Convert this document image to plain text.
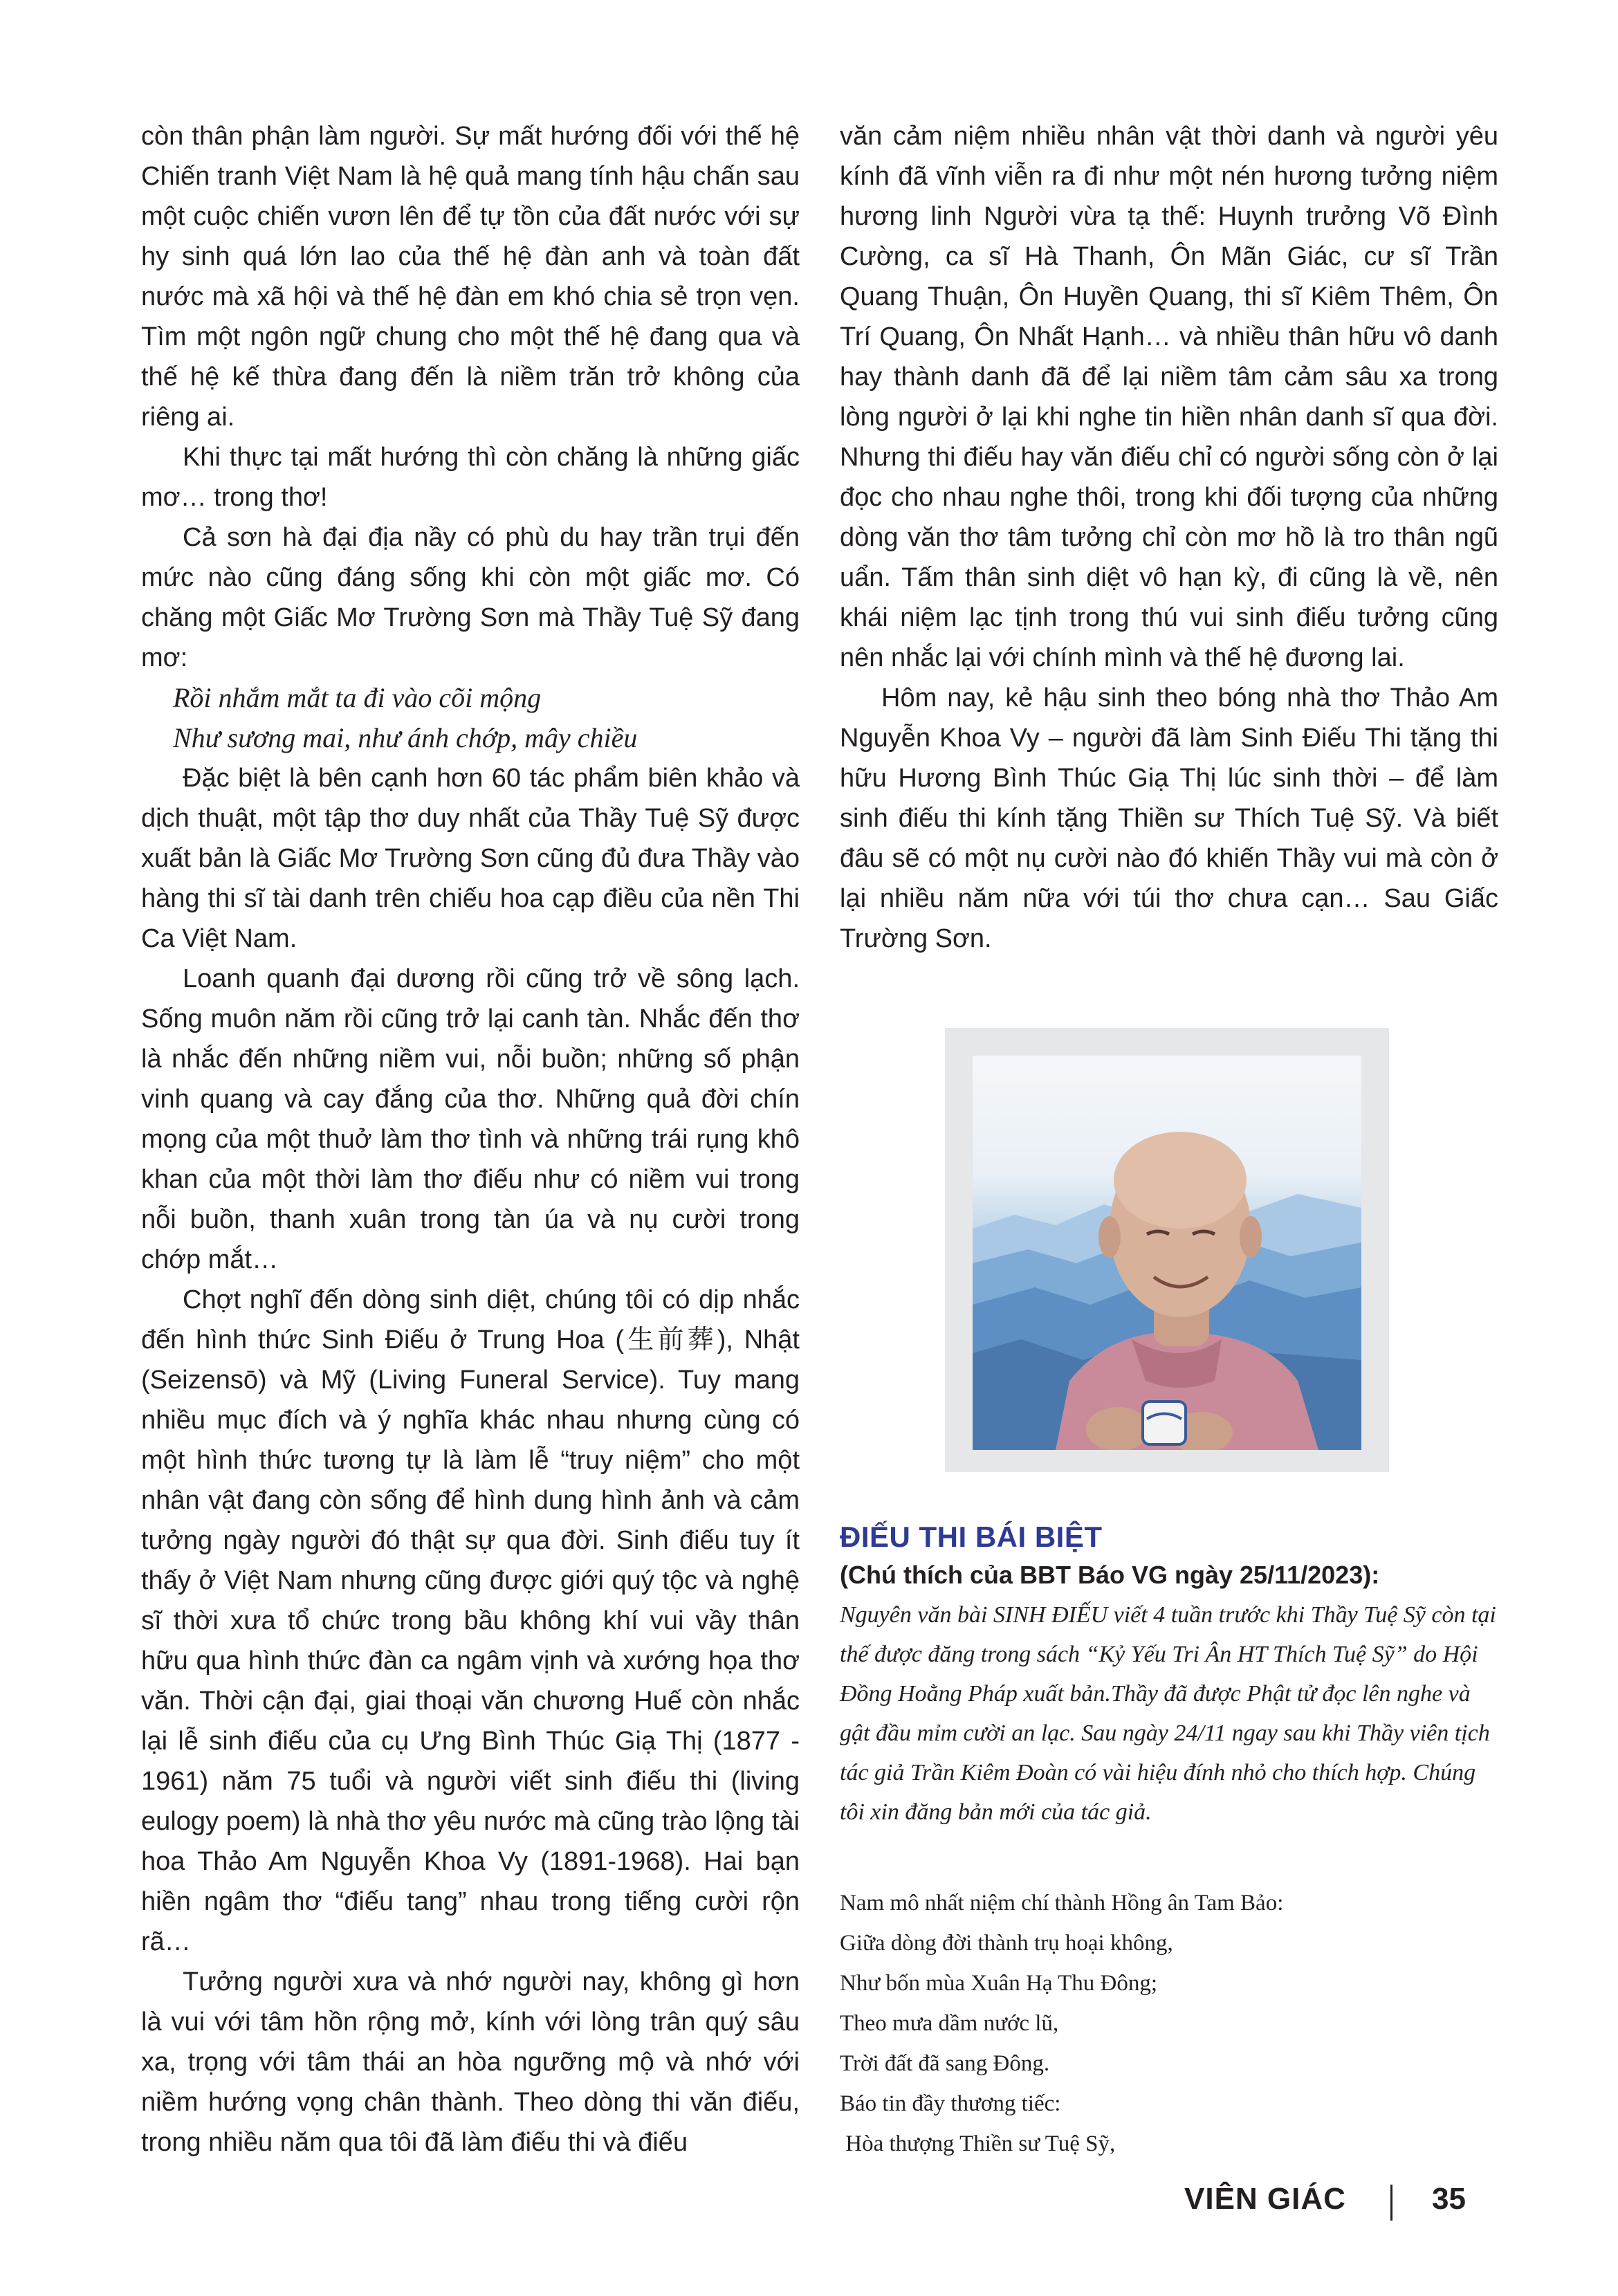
còn thân phận làm người. Sự mất hướng đối với thế hệ Chiến tranh Việt Nam là hệ quả mang tính hậu chấn sau một cuộc chiến vươn lên để tự tồn của đất nước với sự hy sinh quá lớn lao của thế hệ đàn anh và toàn đất nước mà xã hội và thế hệ đàn em khó chia sẻ trọn vẹn. Tìm một ngôn ngữ chung cho một thế hệ đang qua và thế hệ kế thừa đang đến là niềm trăn trở không của riêng ai.

Khi thực tại mất hướng thì còn chăng là những giấc mơ… trong thơ!

Cả sơn hà đại địa nầy có phù du hay trần trụi đến mức nào cũng đáng sống khi còn một giấc mơ. Có chăng một Giấc Mơ Trường Sơn mà Thầy Tuệ Sỹ đang mơ:

Rồi nhắm mắt ta đi vào cõi mộng

Như sương mai, như ánh chớp, mây chiều

Đặc biệt là bên cạnh hơn 60 tác phẩm biên khảo và dịch thuật, một tập thơ duy nhất của Thầy Tuệ Sỹ được xuất bản là Giấc Mơ Trường Sơn cũng đủ đưa Thầy vào hàng thi sĩ tài danh trên chiếu hoa cạp điều của nền Thi Ca Việt Nam.

Loanh quanh đại dương rồi cũng trở về sông lạch. Sống muôn năm rồi cũng trở lại canh tàn. Nhắc đến thơ là nhắc đến những niềm vui, nỗi buồn; những số phận vinh quang và cay đắng của thơ. Những quả đời chín mọng của một thuở làm thơ tình và những trái rụng khô khan của một thời làm thơ điếu như có niềm vui trong nỗi buồn, thanh xuân trong tàn úa và nụ cười trong chớp mắt…

Chợt nghĩ đến dòng sinh diệt, chúng tôi có dịp nhắc đến hình thức Sinh Điếu ở Trung Hoa (生前葬), Nhật (Seizensō) và Mỹ (Living Funeral Service). Tuy mang nhiều mục đích và ý nghĩa khác nhau nhưng cùng có một hình thức tương tự là làm lễ “truy niệm” cho một nhân vật đang còn sống để hình dung hình ảnh và cảm tưởng ngày người đó thật sự qua đời. Sinh điếu tuy ít thấy ở Việt Nam nhưng cũng được giới quý tộc và nghệ sĩ thời xưa tổ chức trong bầu không khí vui vầy thân hữu qua hình thức đàn ca ngâm vịnh và xướng họa thơ văn. Thời cận đại, giai thoại văn chương Huế còn nhắc lại lễ sinh điếu của cụ Ưng Bình Thúc Giạ Thị (1877 - 1961) năm 75 tuổi và người viết sinh điếu thi (living eulogy poem) là nhà thơ yêu nước mà cũng trào lộng tài hoa Thảo Am Nguyễn Khoa Vy (1891-1968). Hai bạn hiền ngâm thơ “điếu tang” nhau trong tiếng cười rộn rã…

Tưởng người xưa và nhớ người nay, không gì hơn là vui với tâm hồn rộng mở, kính với lòng trân quý sâu xa, trọng với tâm thái an hòa ngưỡng mộ và nhớ với niềm hướng vọng chân thành. Theo dòng thi văn điếu, trong nhiều năm qua tôi đã làm điếu thi và điếu

văn cảm niệm nhiều nhân vật thời danh và người yêu kính đã vĩnh viễn ra đi như một nén hương tưởng niệm hương linh Người vừa tạ thế: Huynh trưởng Võ Đình Cường, ca sĩ Hà Thanh, Ôn Mãn Giác, cư sĩ Trần Quang Thuận, Ôn Huyền Quang, thi sĩ Kiêm Thêm, Ôn Trí Quang, Ôn Nhất Hạnh… và nhiều thân hữu vô danh hay thành danh đã để lại niềm tâm cảm sâu xa trong lòng người ở lại khi nghe tin hiền nhân danh sĩ qua đời. Nhưng thi điếu hay văn điếu chỉ có người sống còn ở lại đọc cho nhau nghe thôi, trong khi đối tượng của những dòng văn thơ tâm tưởng chỉ còn mơ hồ là tro thân ngũ uẩn. Tấm thân sinh diệt vô hạn kỳ, đi cũng là về, nên khái niệm lạc tịnh trong thú vui sinh điếu tưởng cũng nên nhắc lại với chính mình và thế hệ đương lai.

Hôm nay, kẻ hậu sinh theo bóng nhà thơ Thảo Am Nguyễn Khoa Vy – người đã làm Sinh Điếu Thi tặng thi hữu Hương Bình Thúc Giạ Thị lúc sinh thời – để làm sinh điếu thi kính tặng Thiền sư Thích Tuệ Sỹ. Và biết đâu sẽ có một nụ cười nào đó khiến Thầy vui mà còn ở lại nhiều năm nữa với túi thơ chưa cạn… Sau Giấc Trường Sơn.

ĐIẾU THI BÁI BIỆT

(Chú thích của BBT Báo VG ngày 25/11/2023):

Nguyên văn bài SINH ĐIẾU viết 4 tuần trước khi Thầy Tuệ Sỹ còn tại thế được đăng trong sách “Kỷ Yếu Tri Ân HT Thích Tuệ Sỹ” do Hội Đồng Hoằng Pháp xuất bản.Thầy đã được Phật tử đọc lên nghe và gật đầu mỉm cười an lạc. Sau ngày 24/11 ngay sau khi Thầy viên tịch tác giả Trần Kiêm Đoàn có vài hiệu đính nhỏ cho thích hợp. Chúng tôi xin đăng bản mới của tác giả.

Nam mô nhất niệm chí thành Hồng ân Tam Bảo:

Giữa dòng đời thành trụ hoại không,

Như bốn mùa Xuân Hạ Thu Đông;

Theo mưa dầm nước lũ,

Trời đất đã sang Đông.

Báo tin đầy thương tiếc:

Hòa thượng Thiền sư Tuệ Sỹ,

VIÊN GIÁC	35
